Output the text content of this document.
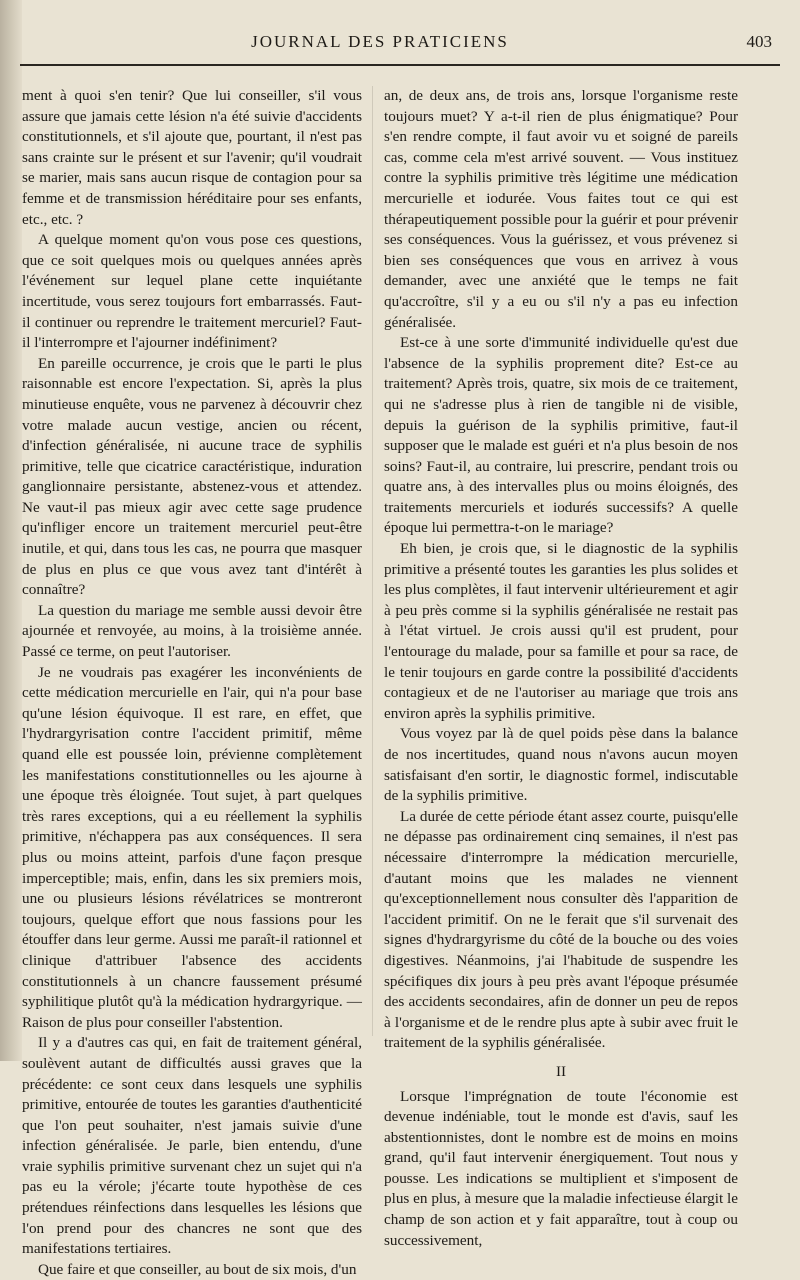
JOURNAL DES PRATICIENS	403

ment à quoi s'en tenir? Que lui conseiller, s'il vous assure que jamais cette lésion n'a été suivie d'accidents constitutionnels, et s'il ajoute que, pourtant, il n'est pas sans crainte sur le présent et sur l'avenir; qu'il voudrait se marier, mais sans aucun risque de contagion pour sa femme et de transmission héréditaire pour ses enfants, etc., etc. ?

A quelque moment qu'on vous pose ces questions, que ce soit quelques mois ou quelques années après l'événement sur lequel plane cette inquiétante incertitude, vous serez toujours fort embarrassés. Faut-il continuer ou reprendre le traitement mercuriel? Faut-il l'interrompre et l'ajourner indéfiniment?

En pareille occurrence, je crois que le parti le plus raisonnable est encore l'expectation. Si, après la plus minutieuse enquête, vous ne parvenez à découvrir chez votre malade aucun vestige, ancien ou récent, d'infection généralisée, ni aucune trace de syphilis primitive, telle que cicatrice caractéristique, induration ganglionnaire persistante, abstenez-vous et attendez. Ne vaut-il pas mieux agir avec cette sage prudence qu'infliger encore un traitement mercuriel peut-être inutile, et qui, dans tous les cas, ne pourra que masquer de plus en plus ce que vous avez tant d'intérêt à connaître?

La question du mariage me semble aussi devoir être ajournée et renvoyée, au moins, à la troisième année. Passé ce terme, on peut l'autoriser.

Je ne voudrais pas exagérer les inconvénients de cette médication mercurielle en l'air, qui n'a pour base qu'une lésion équivoque. Il est rare, en effet, que l'hydrargyrisation contre l'accident primitif, même quand elle est poussée loin, prévienne complètement les manifestations constitutionnelles ou les ajourne à une époque très éloignée. Tout sujet, à part quelques très rares exceptions, qui a eu réellement la syphilis primitive, n'échappera pas aux conséquences. Il sera plus ou moins atteint, parfois d'une façon presque imperceptible; mais, enfin, dans les six premiers mois, une ou plusieurs lésions révélatrices se montreront toujours, quelque effort que nous fassions pour les étouffer dans leur germe. Aussi me paraît-il rationnel et clinique d'attribuer l'absence des accidents constitutionnels à un chancre faussement présumé syphilitique plutôt qu'à la médication hydrargyrique. — Raison de plus pour conseiller l'abstention.

Il y a d'autres cas qui, en fait de traitement général, soulèvent autant de difficultés aussi graves que la précédente: ce sont ceux dans lesquels une syphilis primitive, entourée de toutes les garanties d'authenticité que l'on peut souhaiter, n'est jamais suivie d'une infection généralisée. Je parle, bien entendu, d'une vraie syphilis primitive survenant chez un sujet qui n'a pas eu la vérole; j'écarte toute hypothèse de ces prétendues réinfections dans lesquelles les lésions que l'on prend pour des chancres ne sont que des manifestations tertiaires.

Que faire et que conseiller, au bout de six mois, d'un

an, de deux ans, de trois ans, lorsque l'organisme reste toujours muet? Y a-t-il rien de plus énigmatique? Pour s'en rendre compte, il faut avoir vu et soigné de pareils cas, comme cela m'est arrivé souvent. — Vous instituez contre la syphilis primitive très légitime une médication mercurielle et iodurée. Vous faites tout ce qui est thérapeutiquement possible pour la guérir et pour prévenir ses conséquences. Vous la guérissez, et vous prévenez si bien ses conséquences que vous en arrivez à vous demander, avec une anxiété que le temps ne fait qu'accroître, s'il y a eu ou s'il n'y a pas eu infection généralisée.

Est-ce à une sorte d'immunité individuelle qu'est due l'absence de la syphilis proprement dite? Est-ce au traitement? Après trois, quatre, six mois de ce traitement, qui ne s'adresse plus à rien de tangible ni de visible, depuis la guérison de la syphilis primitive, faut-il supposer que le malade est guéri et n'a plus besoin de nos soins? Faut-il, au contraire, lui prescrire, pendant trois ou quatre ans, à des intervalles plus ou moins éloignés, des traitements mercuriels et iodurés successifs? A quelle époque lui permettra-t-on le mariage?

Eh bien, je crois que, si le diagnostic de la syphilis primitive a présenté toutes les garanties les plus solides et les plus complètes, il faut intervenir ultérieurement et agir à peu près comme si la syphilis généralisée ne restait pas à l'état virtuel. Je crois aussi qu'il est prudent, pour l'entourage du malade, pour sa famille et pour sa race, de le tenir toujours en garde contre la possibilité d'accidents contagieux et de ne l'autoriser au mariage que trois ans environ après la syphilis primitive.

Vous voyez par là de quel poids pèse dans la balance de nos incertitudes, quand nous n'avons aucun moyen satisfaisant d'en sortir, le diagnostic formel, indiscutable de la syphilis primitive.

La durée de cette période étant assez courte, puisqu'elle ne dépasse pas ordinairement cinq semaines, il n'est pas nécessaire d'interrompre la médication mercurielle, d'autant moins que les malades ne viennent qu'exceptionnellement nous consulter dès l'apparition de l'accident primitif. On ne le ferait que s'il survenait des signes d'hydrargyrisme du côté de la bouche ou des voies digestives. Néanmoins, j'ai l'habitude de suspendre les spécifiques dix jours à peu près avant l'époque présumée des accidents secondaires, afin de donner un peu de repos à l'organisme et de le rendre plus apte à subir avec fruit le traitement de la syphilis généralisée.

II

Lorsque l'imprégnation de toute l'économie est devenue indéniable, tout le monde est d'avis, sauf les abstentionnistes, dont le nombre est de moins en moins grand, qu'il faut intervenir énergiquement. Tout nous y pousse. Les indications se multiplient et s'imposent de plus en plus, à mesure que la maladie infectieuse élargit le champ de son action et y fait apparaître, tout à coup ou successivement,
